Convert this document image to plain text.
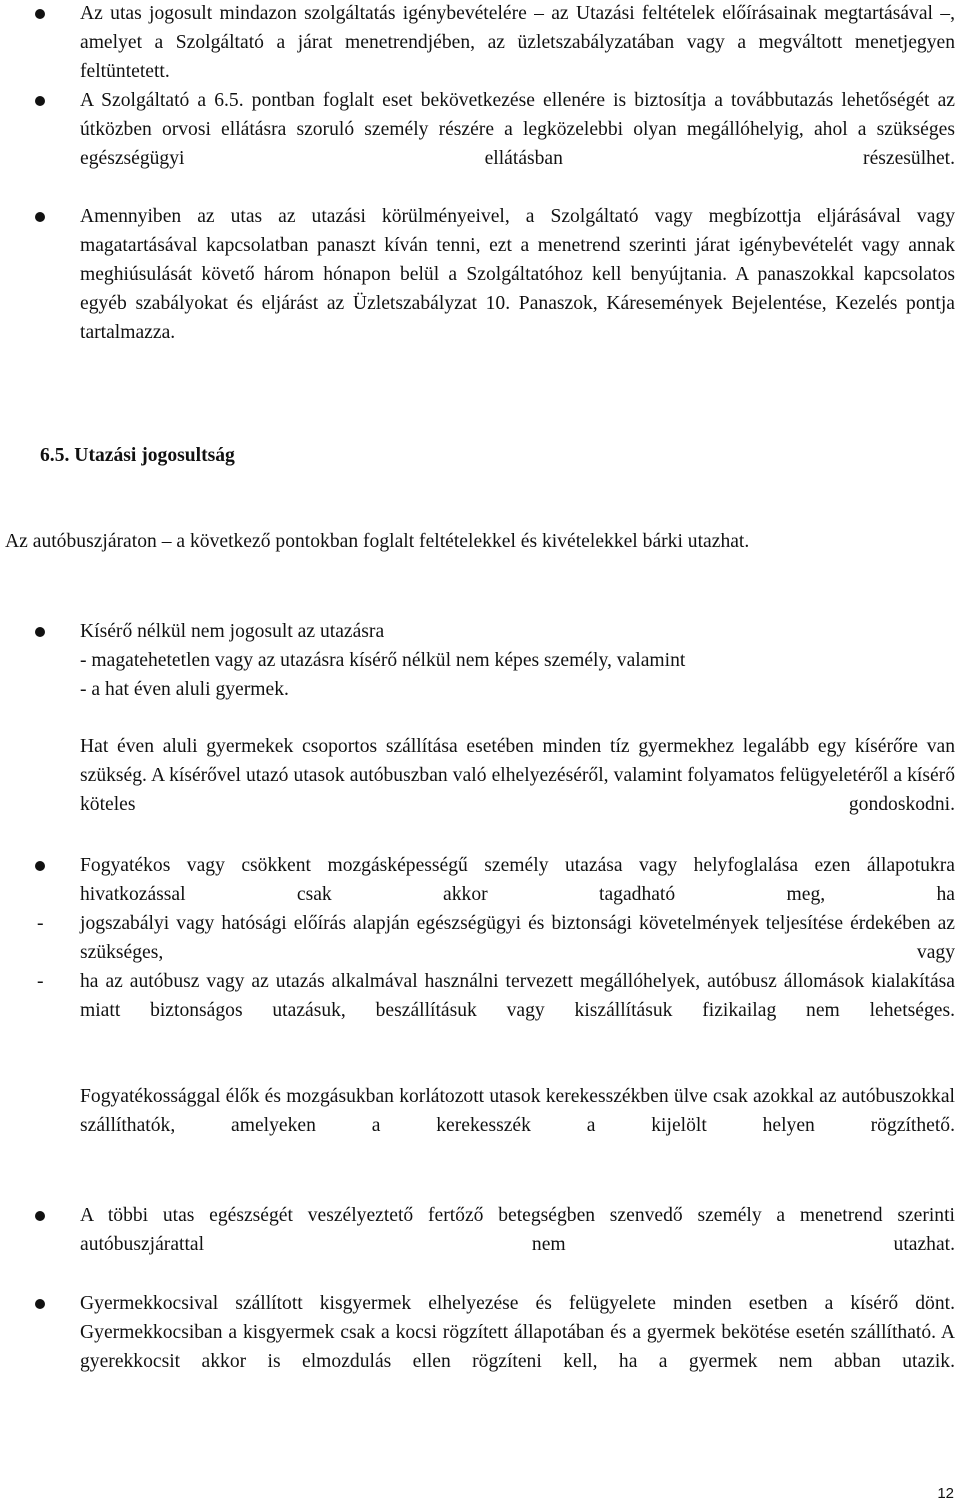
Az utas jogosult mindazon szolgáltatás igénybevételére – az Utazási feltételek előírásainak megtartásával –, amelyet a Szolgáltató a járat menetrendjében, az üzletszabályzatában vagy a megváltott menetjegyen feltüntetett.
A Szolgáltató a 6.5. pontban foglalt eset bekövetkezése ellenére is biztosítja a továbbutazás lehetőségét az útközben orvosi ellátásra szoruló személy részére a legközelebbi olyan megállóhelyig, ahol a szükséges egészségügyi ellátásban részesülhet.
Amennyiben az utas az utazási körülményeivel, a Szolgáltató vagy megbízottja eljárásával vagy magatartásával kapcsolatban panaszt kíván tenni, ezt a menetrend szerinti járat igénybevételét vagy annak meghiúsulását követő három hónapon belül a Szolgáltatóhoz kell benyújtania. A panaszokkal kapcsolatos egyéb szabályokat és eljárást az Üzletszabályzat 10. Panaszok, Káresemények Bejelentése, Kezelés pontja tartalmazza.
6.5. Utazási jogosultság
Az autóbuszjáraton – a következő pontokban foglalt feltételekkel és kivételekkel bárki utazhat.
Kísérő nélkül nem jogosult az utazásra
- magatehetetlen vagy az utazásra kísérő nélkül nem képes személy, valamint
- a hat éven aluli gyermek.
Hat éven aluli gyermekek csoportos szállítása esetében minden tíz gyermekhez legalább egy kísérőre van szükség. A kísérővel utazó utasok autóbuszban való elhelyezéséről, valamint folyamatos felügyeletéről a kísérő köteles gondoskodni.
Fogyatékos vagy csökkent mozgásképességű személy utazása vagy helyfoglalása ezen állapotukra hivatkozással csak akkor tagadható meg, ha
- jogszabályi vagy hatósági előírás alapján egészségügyi és biztonsági követelmények teljesítése érdekében az szükséges, vagy
- ha az autóbusz vagy az utazás alkalmával használni tervezett megállóhelyek, autóbusz állomások kialakítása miatt biztonságos utazásuk, beszállításuk vagy kiszállításuk fizikailag nem lehetséges.
Fogyatékossággal élők és mozgásukban korlátozott utasok kerekesszékben ülve csak azokkal az autóbuszokkal szállíthatók, amelyeken a kerekesszék a kijelölt helyen rögzíthető.
A többi utas egészségét veszélyeztető fertőző betegségben szenvedő személy a menetrend szerinti autóbuszjárattal nem utazhat.
Gyermekkocsival szállított kisgyermek elhelyezése és felügyelete minden esetben a kísérő dönt. Gyermekkocsiban a kisgyermek csak a kocsi rögzített állapotában és a gyermek bekötése esetén szállítható. A gyerekkocsit akkor is elmozdulás ellen rögzíteni kell, ha a gyermek nem abban utazik.
12
